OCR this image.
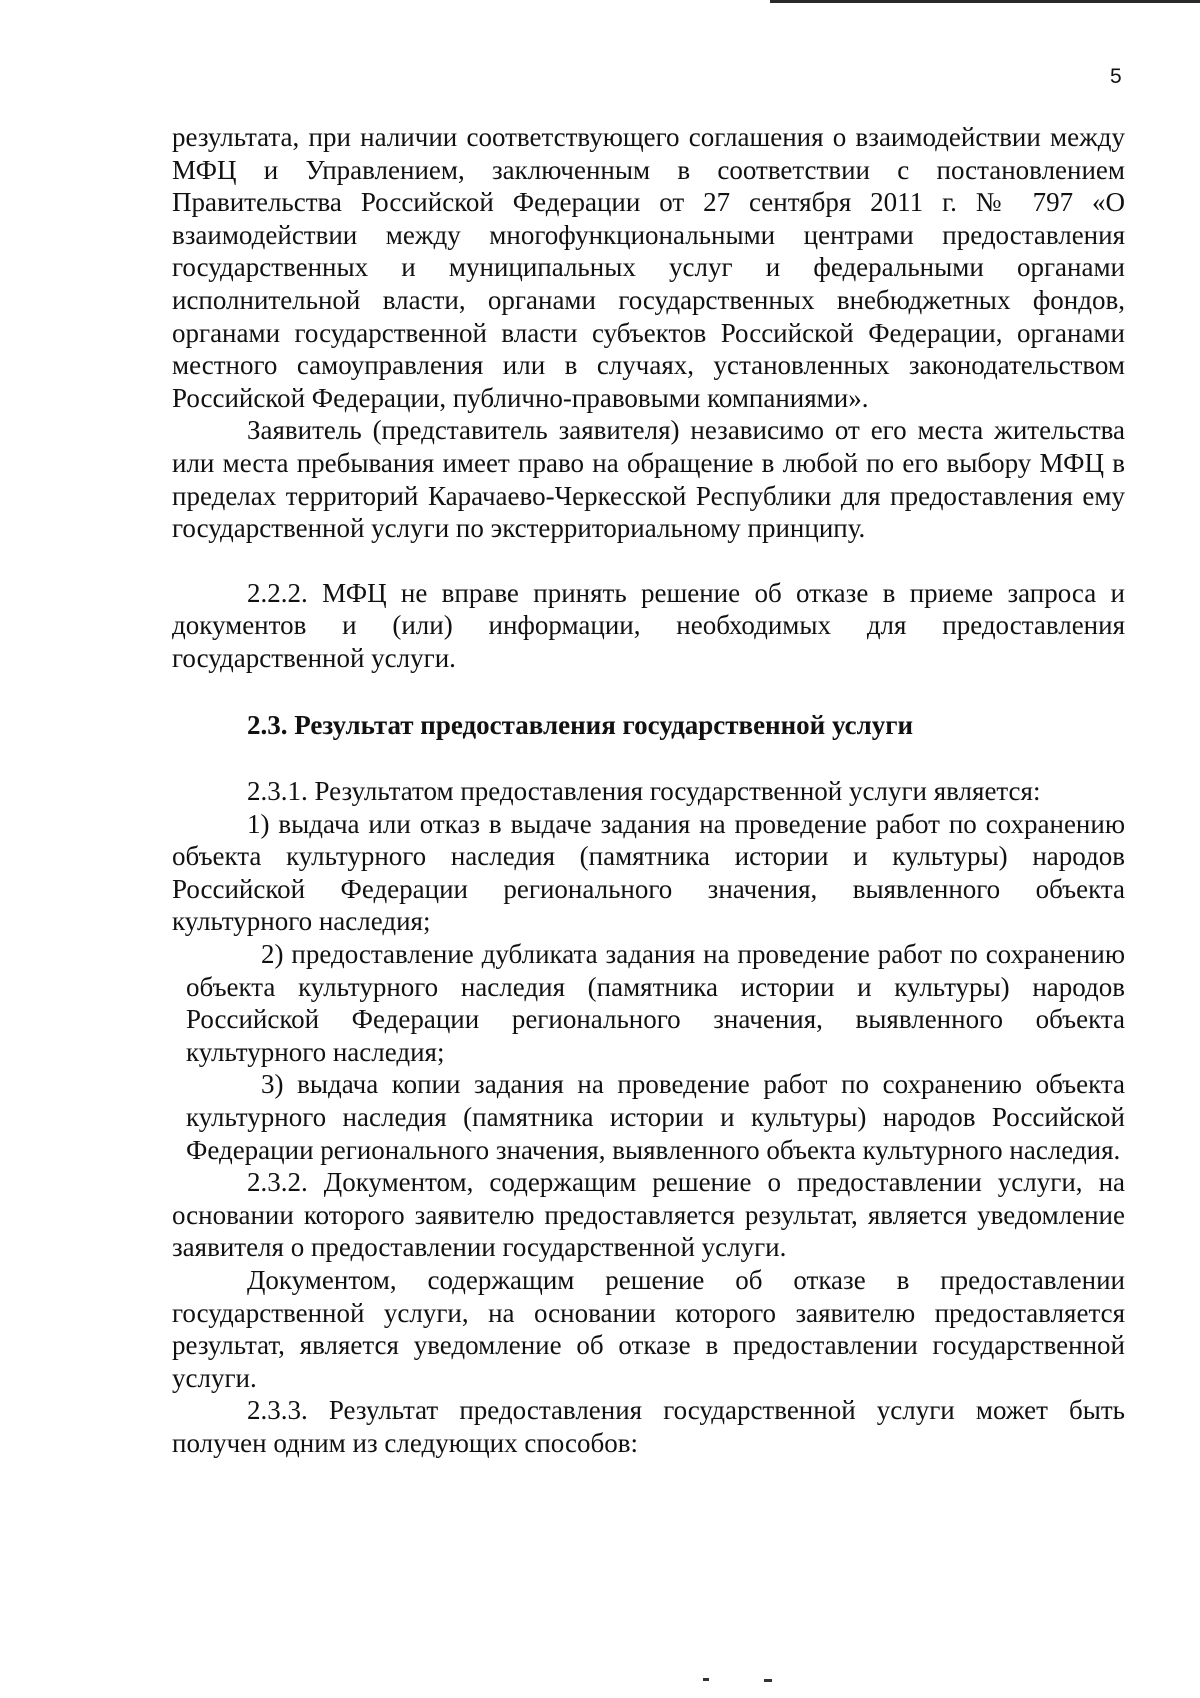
5

результата, при наличии соответствующего соглашения о взаимодействии между МФЦ и Управлением, заключенным в соответствии с постановлением Правительства Российской Федерации от 27 сентября 2011 г. № 797 «О взаимодействии между многофункциональными центрами предоставления государственных и муниципальных услуг и федеральными органами исполнительной власти, органами государственных внебюджетных фондов, органами государственной власти субъектов Российской Федерации, органами местного самоуправления или в случаях, установленных законодательством Российской Федерации, публично-правовыми компаниями».

Заявитель (представитель заявителя) независимо от его места жительства или места пребывания имеет право на обращение в любой по его выбору МФЦ в пределах территорий Карачаево-Черкесской Республики для предоставления ему государственной услуги по экстерриториальному принципу.

2.2.2. МФЦ не вправе принять решение об отказе в приеме запроса и документов и (или) информации, необходимых для предоставления государственной услуги.

2.3. Результат предоставления государственной услуги

2.3.1. Результатом предоставления государственной услуги является:

1) выдача или отказ в выдаче задания на проведение работ по сохранению объекта культурного наследия (памятника истории и культуры) народов Российской Федерации регионального значения, выявленного объекта культурного наследия;

2) предоставление дубликата задания на проведение работ по сохранению объекта культурного наследия (памятника истории и культуры) народов Российской Федерации регионального значения, выявленного объекта культурного наследия;

3) выдача копии задания на проведение работ по сохранению объекта культурного наследия (памятника истории и культуры) народов Российской Федерации регионального значения, выявленного объекта культурного наследия.

2.3.2. Документом, содержащим решение о предоставлении услуги, на основании которого заявителю предоставляется результат, является уведомление заявителя о предоставлении государственной услуги.

Документом, содержащим решение об отказе в предоставлении государственной услуги, на основании которого заявителю предоставляется результат, является уведомление об отказе в предоставлении государственной услуги.

2.3.3. Результат предоставления государственной услуги может быть получен одним из следующих способов:
